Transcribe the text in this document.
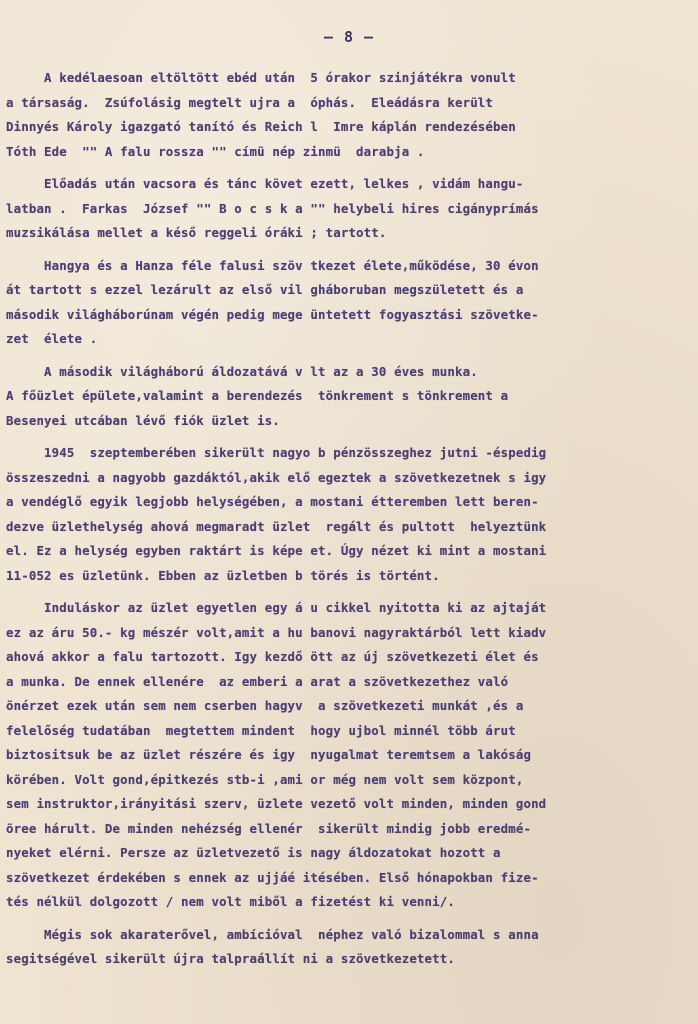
— 8 —
A kedélaesoan eltöltött ebéd után  5 órakor szinjátékra vonult
a társaság.  Zsúfolásig megtelt ujra a  óphás.  Eleádásra került
Dinnyés Károly igazgató tanító és Reich l  Imre káplán rendezésében
Tóth Ede  "" A falu rossza "" címü nép zinmü  darabja .
Előadás után vacsora és tánc követ ezett, lelkes , vidám hangu-
latban .  Farkas  József "" B o c s k a "" helybeli hires cigányprímás
muzsikálása mellet a késő reggeli óráki ; tartott.
Hangya és a Hanza féle falusi szöv tkezet élete,működése, 30 évon
át tartott s ezzel lezárult az első vil gháboruban megszületett és a
második világháborúnam végén pedig mege üntetett fogyasztási szövetke-
zet  élete .
A második világháború áldozatává v lt az a 30 éves munka.
A főüzlet épülete,valamint a berendezés  tönkrement s tönkrement a
Besenyei utcában lévő fiók üzlet is.
1945  szeptemberében sikerült nagyo b pénzösszeghez jutni -éspedig
összeszedni a nagyobb gazdáktól,akik elő egeztek a szövetkezetnek s igy
a vendéglő egyik legjobb helységében, a mostani étteremben lett beren-
dezve üzlethelység ahová megmaradt üzlet  regált és pultott  helyeztünk
el. Ez a helység egyben raktárt is képe et. Úgy nézet ki mint a mostani
11-052 es üzletünk. Ebben az üzletben b törés is történt.
Induláskor az üzlet egyetlen egy á u cikkel nyitotta ki az ajtaját
ez az áru 50.- kg mészér volt,amit a hu banovi nagyraktárból lett kiadv
ahová akkor a falu tartozott. Igy kezdő ött az új szövetkezeti élet és
a munka. De ennek ellenére  az emberi a arat a szövetkezethez való
önérzet ezek után sem nem cserben hagyv  a szövetkezeti munkát ,és a
felelőség tudatában  megtettem mindent  hogy ujbol minnél több árut
biztositsuk be az üzlet részére és igy  nyugalmat teremtsem a lakóság
körében. Volt gond,épitkezés stb-i ,ami or még nem volt sem központ,
sem instruktor,irányitási szerv, üzlete vezető volt minden, minden gond
öree hárult. De minden nehézség ellenér  sikerült mindig jobb eredmé-
nyeket elérni. Persze az üzletvezető is nagy áldozatokat hozott a
szövetkezet érdekében s ennek az ujjáé itésében. Első hónapokban fize-
tés nélkül dolgozott / nem volt miből a fizetést ki venni/.
Mégis sok akaraterővel, ambícióval  néphez való bizalommal s anna
segitségével sikerült újra talpraállít ni a szövetkezetett.
